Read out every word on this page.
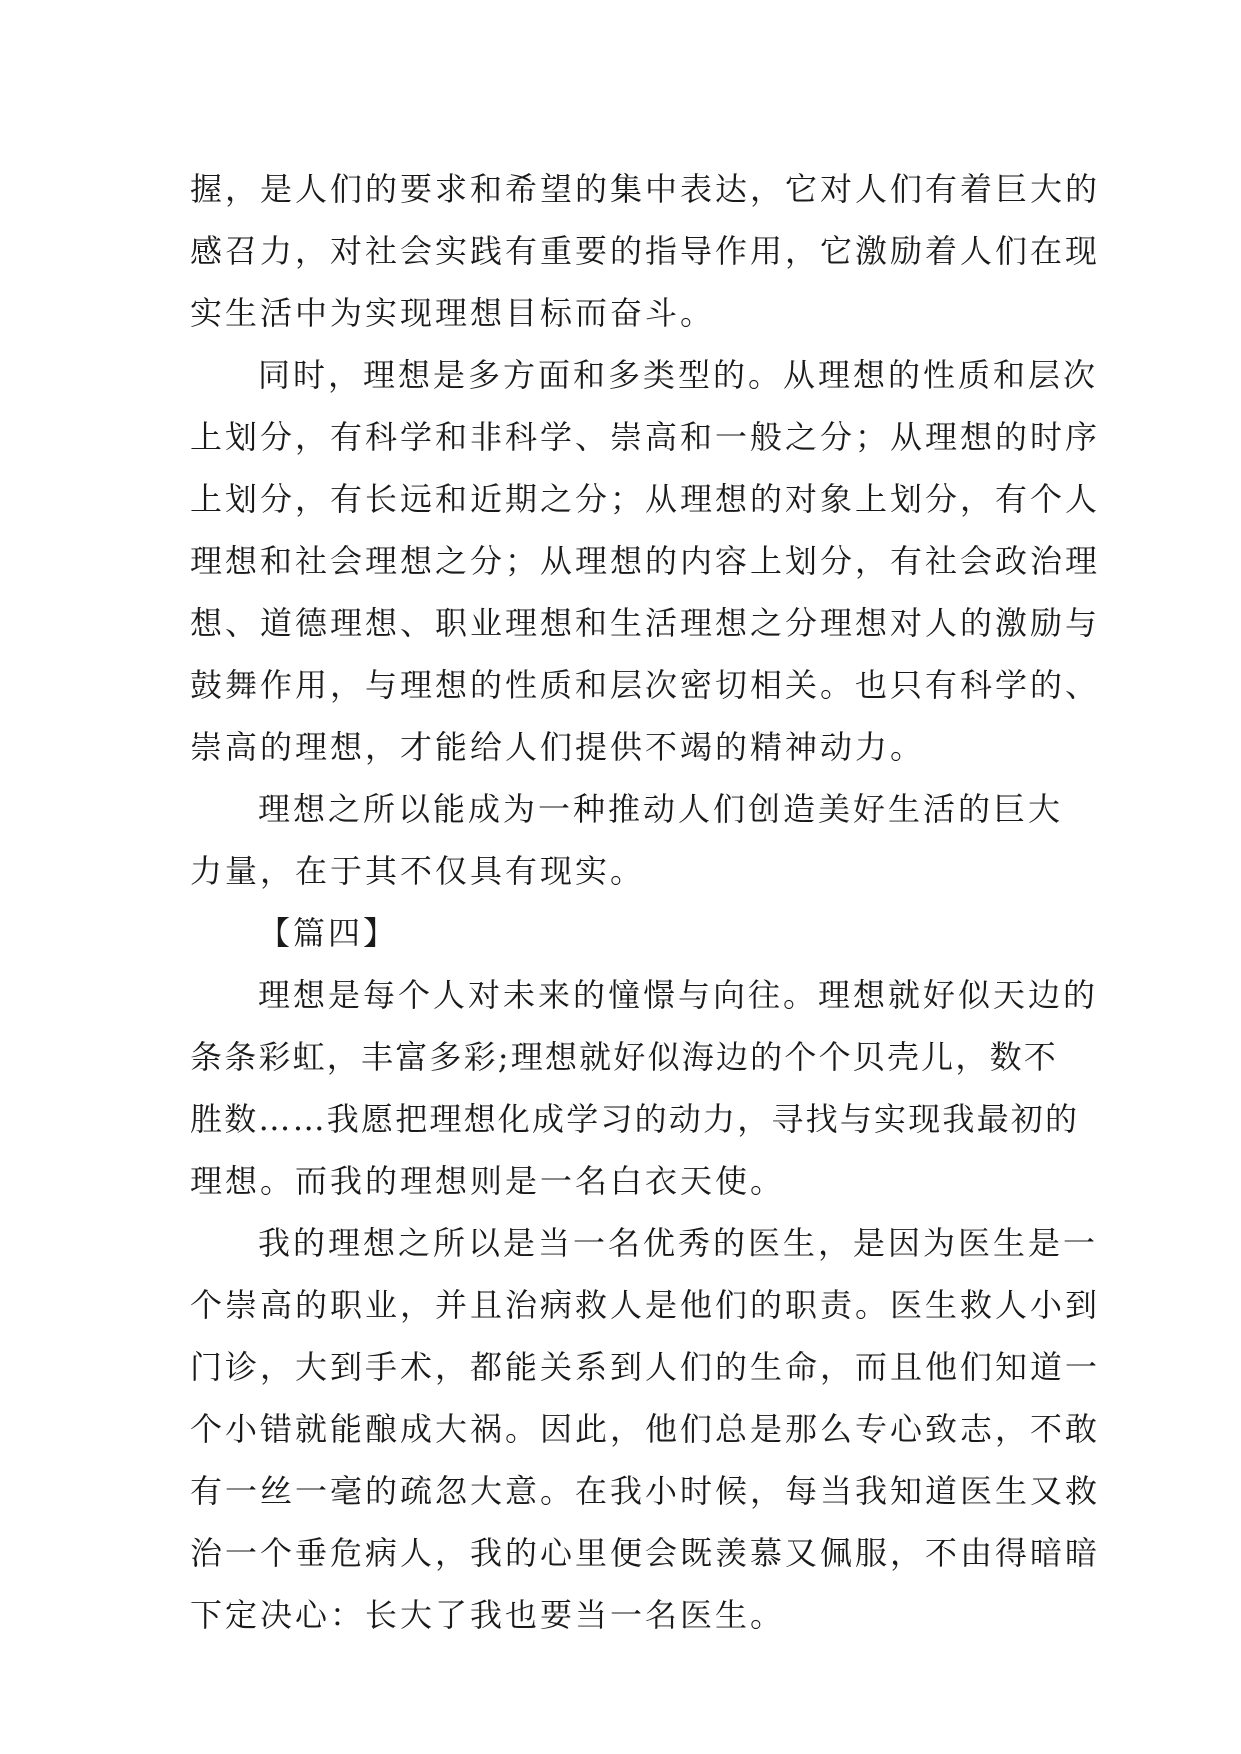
握，是人们的要求和希望的集中表达，它对人们有着巨大的
感召力，对社会实践有重要的指导作用，它激励着人们在现
实生活中为实现理想目标而奋斗。
同时，理想是多方面和多类型的。从理想的性质和层次
上划分，有科学和非科学、崇高和一般之分；从理想的时序
上划分，有长远和近期之分；从理想的对象上划分，有个人
理想和社会理想之分；从理想的内容上划分，有社会政治理
想、道德理想、职业理想和生活理想之分理想对人的激励与
鼓舞作用，与理想的性质和层次密切相关。也只有科学的、
崇高的理想，才能给人们提供不竭的精神动力。
理想之所以能成为一种推动人们创造美好生活的巨大
力量，在于其不仅具有现实。
【篇四】
理想是每个人对未来的憧憬与向往。理想就好似天边的
条条彩虹，丰富多彩;理想就好似海边的个个贝壳儿，数不
胜数……我愿把理想化成学习的动力，寻找与实现我最初的
理想。而我的理想则是一名白衣天使。
我的理想之所以是当一名优秀的医生，是因为医生是一
个崇高的职业，并且治病救人是他们的职责。医生救人小到
门诊，大到手术，都能关系到人们的生命，而且他们知道一
个小错就能酿成大祸。因此，他们总是那么专心致志，不敢
有一丝一毫的疏忽大意。在我小时候，每当我知道医生又救
治一个垂危病人，我的心里便会既羡慕又佩服，不由得暗暗
下定决心：长大了我也要当一名医生。
